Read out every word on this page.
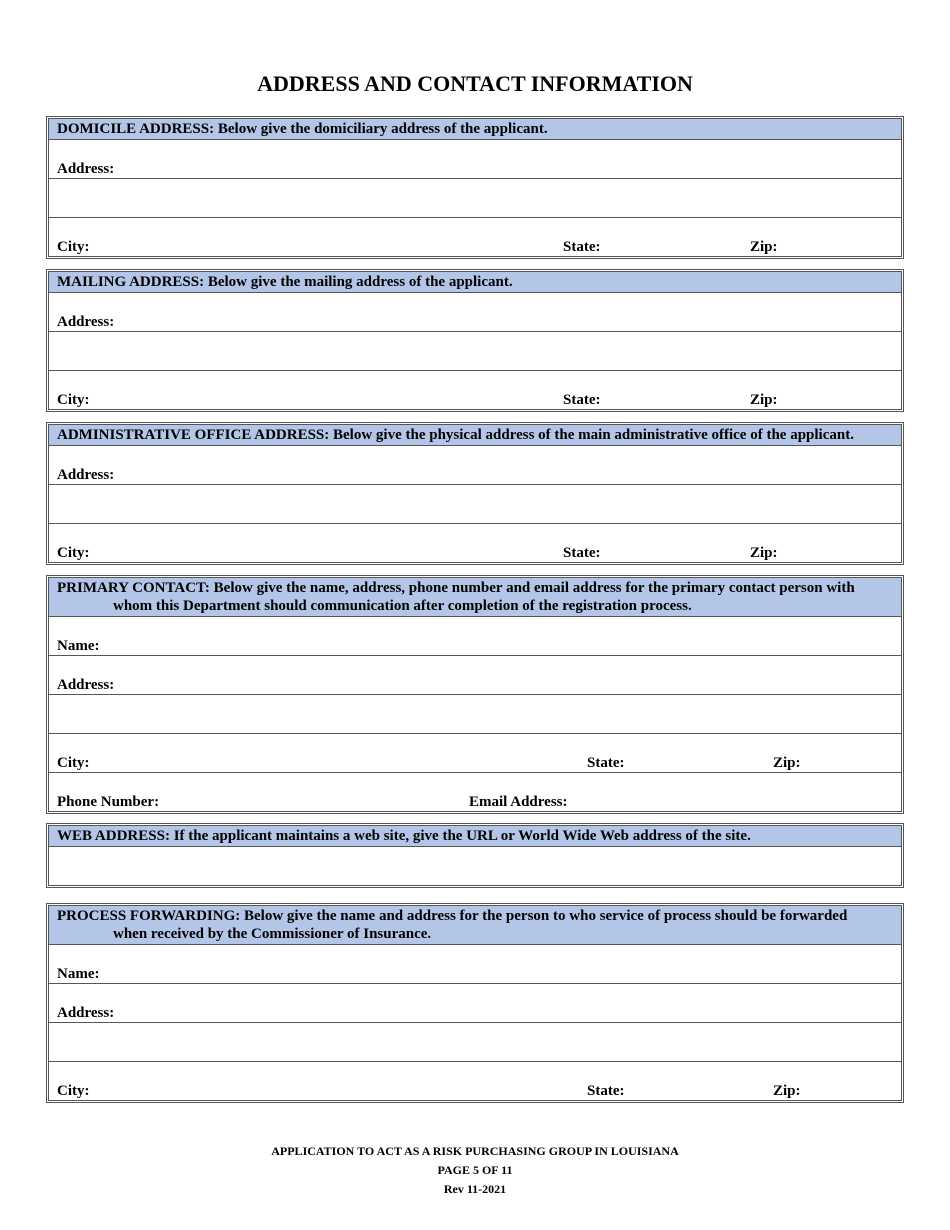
ADDRESS AND CONTACT INFORMATION
DOMICILE ADDRESS: Below give the domiciliary address of the applicant.
Address:
City:	State:	Zip:
MAILING ADDRESS: Below give the mailing address of the applicant.
Address:
City:	State:	Zip:
ADMINISTRATIVE OFFICE ADDRESS: Below give the physical address of the main administrative office of the applicant.
Address:
City:	State:	Zip:
PRIMARY CONTACT: Below give the name, address, phone number and email address for the primary contact person with
whom this Department should communication after completion of the registration process.
Name:
Address:
City:	State:	Zip:
Phone Number:	Email Address:
WEB ADDRESS: If the applicant maintains a web site, give the URL or World Wide Web address of the site.
PROCESS FORWARDING: Below give the name and address for the person to who service of process should be forwarded
when received by the Commissioner of Insurance.
Name:
Address:
City:	State:	Zip:
APPLICATION TO ACT AS A RISK PURCHASING GROUP IN LOUISIANA
PAGE 5 OF 11
Rev 11-2021
